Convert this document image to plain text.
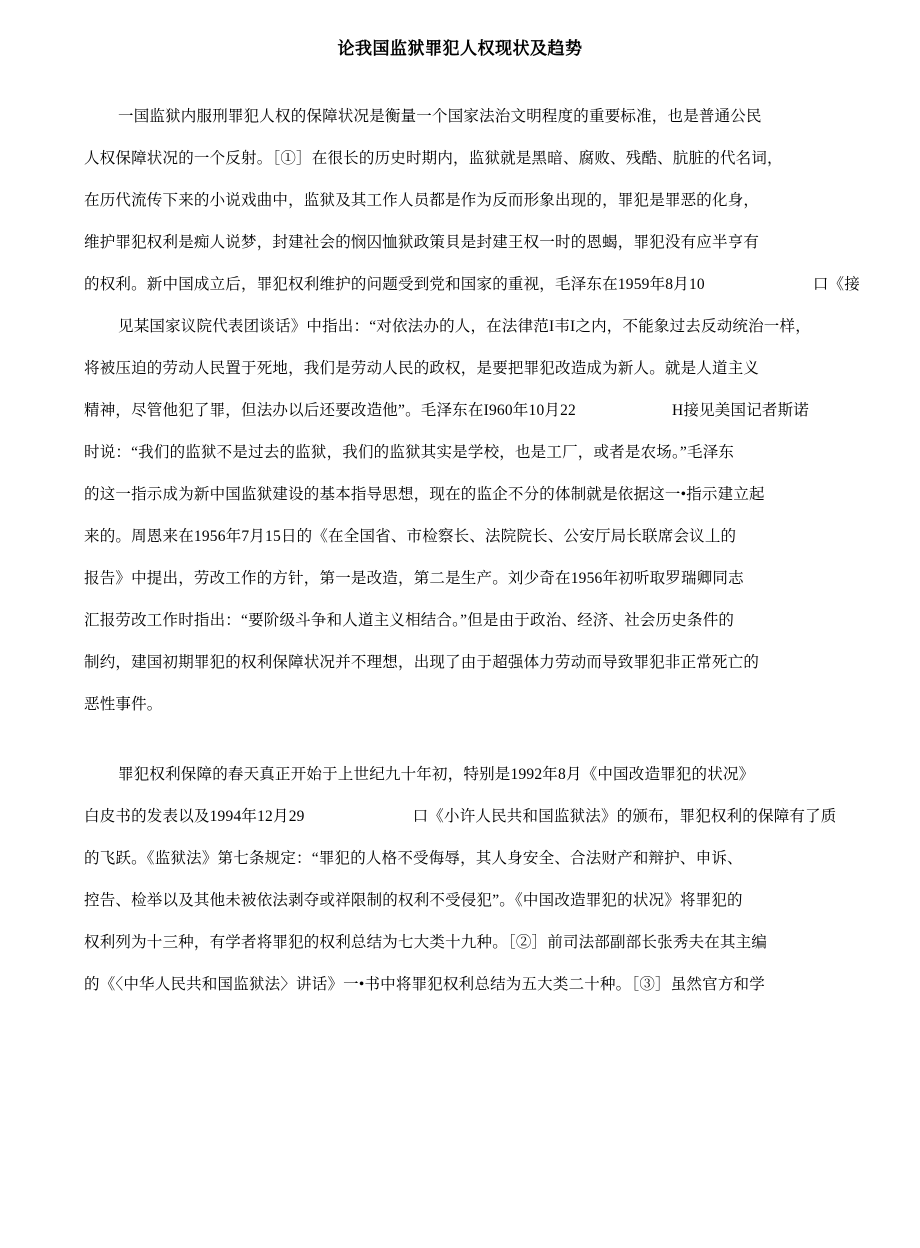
论我国监狱罪犯人权现状及趋势
一国监狱内服刑罪犯人权的保障状况是衡量一个国家法治文明程度的重要标准，也是普通公民
人权保障状况的一个反射。［①］在很长的历史时期内，监狱就是黑暗、腐败、残酷、肮脏的代名词，
在历代流传下来的小说戏曲中，监狱及其工作人员都是作为反而形象出现的，罪犯是罪恶的化身，
维护罪犯权利是痴人说梦，封建社会的悯囚恤狱政策貝是封建王权一时的恩蝎，罪犯没有应半亨有
的权利。新中国成立后，罪犯权利维护的问题受到党和国家的重视，毛泽东在1959年8月10	口《接
见某国家议院代表团谈话》中指出：“对依法办的人，在法律范I韦I之内，不能象过去反动统治一样，
将被压迫的劳动人民置于死地，我们是劳动人民的政权，是要把罪犯改造成为新人。就是人道主义
精神，尽管他犯了罪，但法办以后还要改造他”。毛泽东在I960年10月22	H接见美国记者斯诺
时说：“我们的监狱不是过去的监狱，我们的监狱其实是学校，也是工厂，或者是农场。”毛泽东
的这一指示成为新中国监狱建设的基本指导思想，现在的监企不分的体制就是依据这一•指示建立起
来的。周恩来在1956年7月15日的《在全国省、市检察长、法院院长、公安厅局长联席会议丄的
报告》中提出，劳改工作的方针，第一是改造，第二是生产。刘少奇在1956年初听取罗瑞卿同志
汇报劳改工作时指出：“要阶级斗争和人道主义相结合。”但是由于政治、经济、社会历史条件的
制约，建国初期罪犯的权利保障状况并不理想，出现了由于超强体力劳动而导致罪犯非正常死亡的
恶性事件。
罪犯权利保障的春天真正开始于上世纪九十年初，特别是1992年8月《中国改造罪犯的状况》
白皮书的发表以及1994年12月29	口《小许人民共和国监狱法》的颁布，罪犯权利的保障有了质
的飞跃。《监狱法》第七条规定：“罪犯的人格不受侮辱，其人身安全、合法财产和辩护、申诉、
控告、检举以及其他未被依法剥夺或祥限制的权利不受侵犯”。《中国改造罪犯的状况》将罪犯的
权利列为十三种，有学者将罪犯的权利总结为七大类十九种。［②］前司法部副部长张秀夫在其主编
的《〈中华人民共和国监狱法〉讲话》一•书中将罪犯权利总结为五大类二十种。［③］虽然官方和学
